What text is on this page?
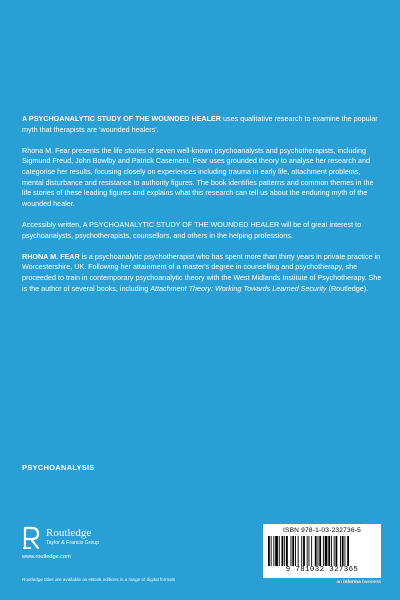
A PSYCHOANALYTIC STUDY OF THE WOUNDED HEALER uses qualitative research to examine the popular myth that therapists are 'wounded healers'.

Rhona M. Fear presents the life stories of seven well-known psychoanalysts and psychotherapists, including Sigmund Freud, John Bowlby and Patrick Casement. Fear uses grounded theory to analyse her research and categorise her results, focusing closely on experiences including trauma in early life, attachment problems, mental disturbance and resistance to authority figures. The book identifies patterns and common themes in the life stories of these leading figures and explains what this research can tell us about the enduring myth of the wounded healer.

Accessibly written, A PSYCHOANALYTIC STUDY OF THE WOUNDED HEALER will be of great interest to psychoanalysts, psychotherapists, counsellors, and others in the helping professions.

RHONA M. FEAR is a psychoanalytic psychotherapist who has spent more than thirty years in private practice in Worcestershire, UK. Following her attainment of a master's degree in counselling and psychotherapy, she proceeded to train in contemporary psychoanalytic theory with the West Midlands Institute of Psychotherapy. She is the author of several books, including Attachment Theory: Working Towards Learned Security (Routledge).

PSYCHOANALYSIS
Routledge
Taylor & Francis Group
www.routledge.com
Routledge titles are available as eBook editions in a range of digital formats
ISBN 978-1-03-232736-5
9 781032 327365
an informa business
